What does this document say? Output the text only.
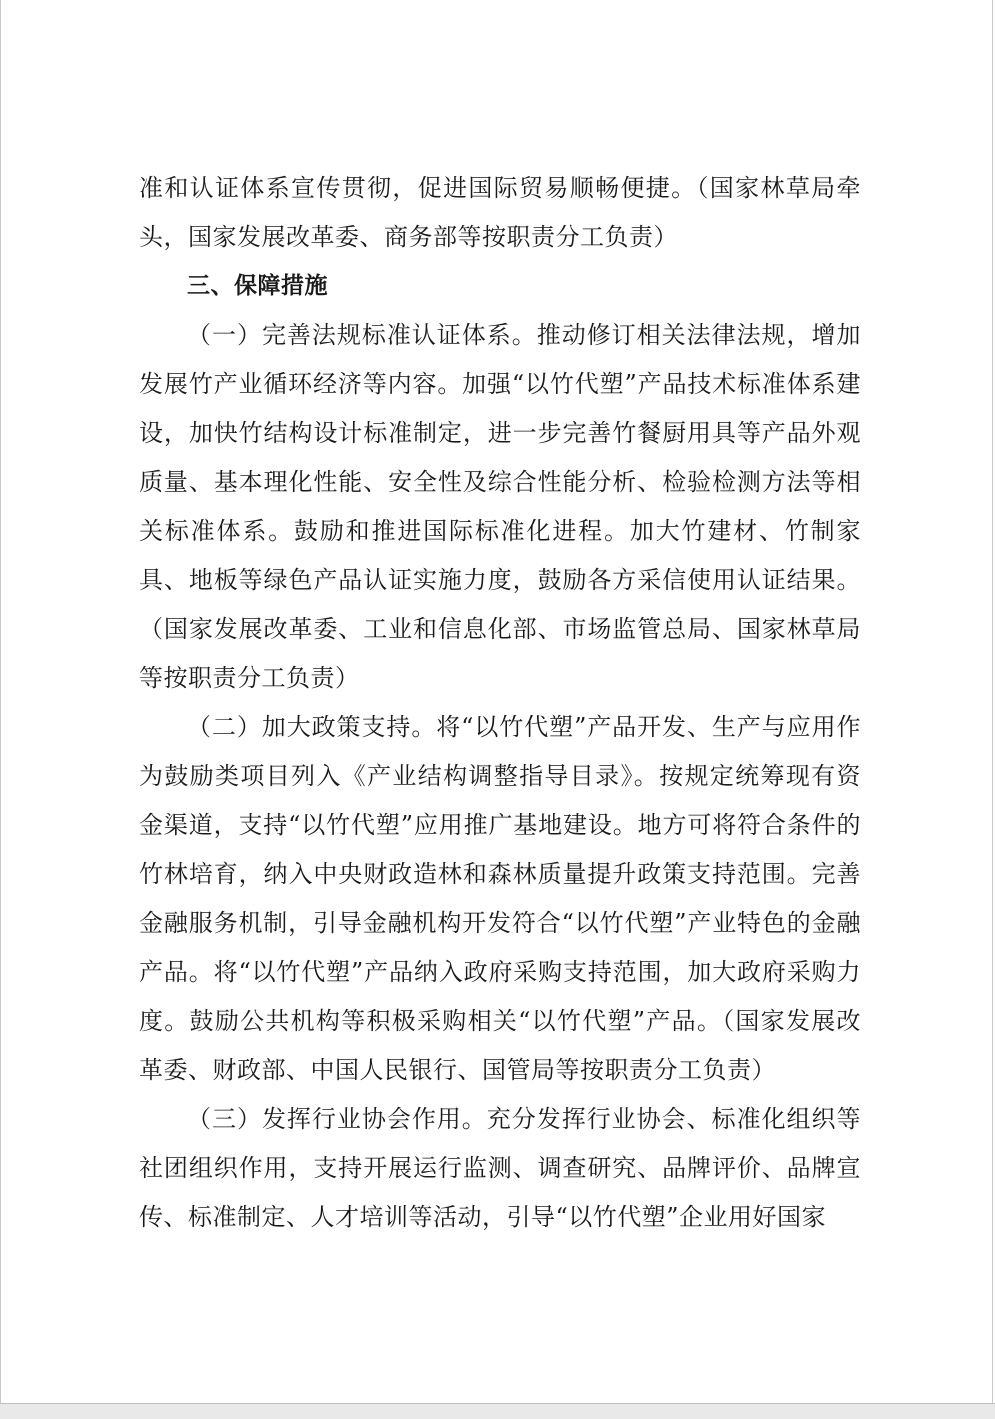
准和认证体系宣传贯彻，促进国际贸易顺畅便捷。（国家林草局牵头，国家发展改革委、商务部等按职责分工负责）

三、保障措施

（一）完善法规标准认证体系。推动修订相关法律法规，增加发展竹产业循环经济等内容。加强“以竹代塑”产品技术标准体系建设，加快竹结构设计标准制定，进一步完善竹餐厨用具等产品外观质量、基本理化性能、安全性及综合性能分析、检验检测方法等相关标准体系。鼓励和推进国际标准化进程。加大竹建材、竹制家具、地板等绿色产品认证实施力度，鼓励各方采信使用认证结果。（国家发展改革委、工业和信息化部、市场监管总局、国家林草局等按职责分工负责）

（二）加大政策支持。将“以竹代塑”产品开发、生产与应用作为鼓励类项目列入《产业结构调整指导目录》。按规定统筹现有资金渠道，支持“以竹代塑”应用推广基地建设。地方可将符合条件的竹林培育，纳入中央财政造林和森林质量提升政策支持范围。完善金融服务机制，引导金融机构开发符合“以竹代塑”产业特色的金融产品。将“以竹代塑”产品纳入政府采购支持范围，加大政府采购力度。鼓励公共机构等积极采购相关“以竹代塑”产品。（国家发展改革委、财政部、中国人民银行、国管局等按职责分工负责）

（三）发挥行业协会作用。充分发挥行业协会、标准化组织等社团组织作用，支持开展运行监测、调查研究、品牌评价、品牌宣传、标准制定、人才培训等活动，引导“以竹代塑”企业用好国家
